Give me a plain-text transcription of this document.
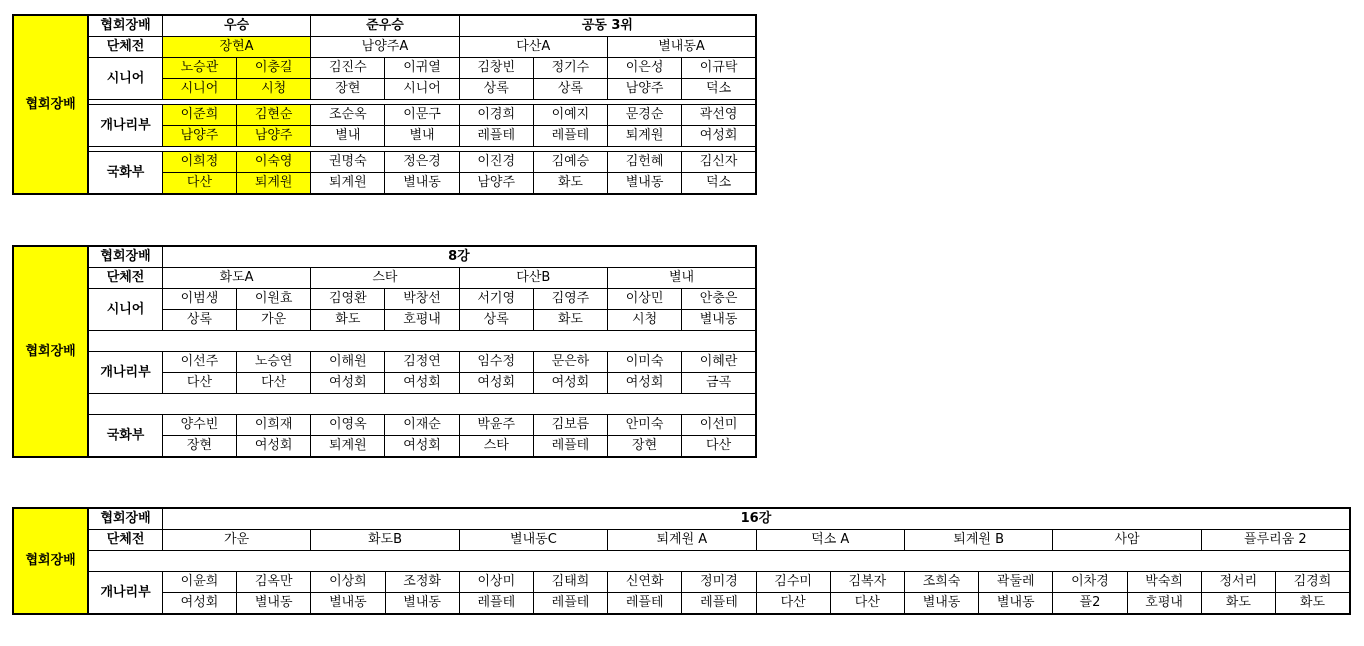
협회장배	협회장배	우승		준우승		공동 3위			
	단체전	장현A		남양주A		다산A		별내동A	
	시니어	노승관	이충길	김진수	이귀열	김창빈	정기수	이은성	이규탁
		시니어	시청	장현	시니어	상록	상록	남양주	덕소

	개나리부	이준희	김현순	조순옥	이문구	이경희	이예지	문경순	곽선영
		남양주	남양주	별내	별내	레플테	레플테	퇴계원	여성회

	국화부	이희정	이숙영	권명숙	정은경	이진경	김예승	김헌혜	김신자
		다산	퇴계원	퇴계원	별내동	남양주	화도	별내동	덕소
협회장배	협회장배	8강							
	단체전	화도A		스타		다산B		별내	
	시니어	이범생	이원효	김영환	박창선	서기영	김영주	이상민	안충은
		상록	가운	화도	호평내	상록	화도	시청	별내동

	개나리부	이선주	노승연	이해원	김정연	임수정	문은하	이미숙	이혜란
		다산	다산	여성회	여성회	여성회	여성회	여성회	금곡

	국화부	양수빈	이희재	이영옥	이재순	박윤주	김보름	안미숙	이선미
		장현	여성회	퇴계원	여성회	스타	레플테	장현	다산
협회장배	협회장배	16강															
	단체전	가운		화도B		별내동C		퇴계원 A		덕소 A		퇴계원 B		사암		플루리움 2	

	개나리부	이윤희	김옥만	이상희	조정화	이상미	김태희	신연화	정미경	김수미	김복자	조희숙	곽둘레	이차경	박숙희	정서리	김경희
		여성회	별내동	별내동	별내동	레플테	레플테	레플테	레플테	다산	다산	별내동	별내동	플2	호평내	화도	화도
